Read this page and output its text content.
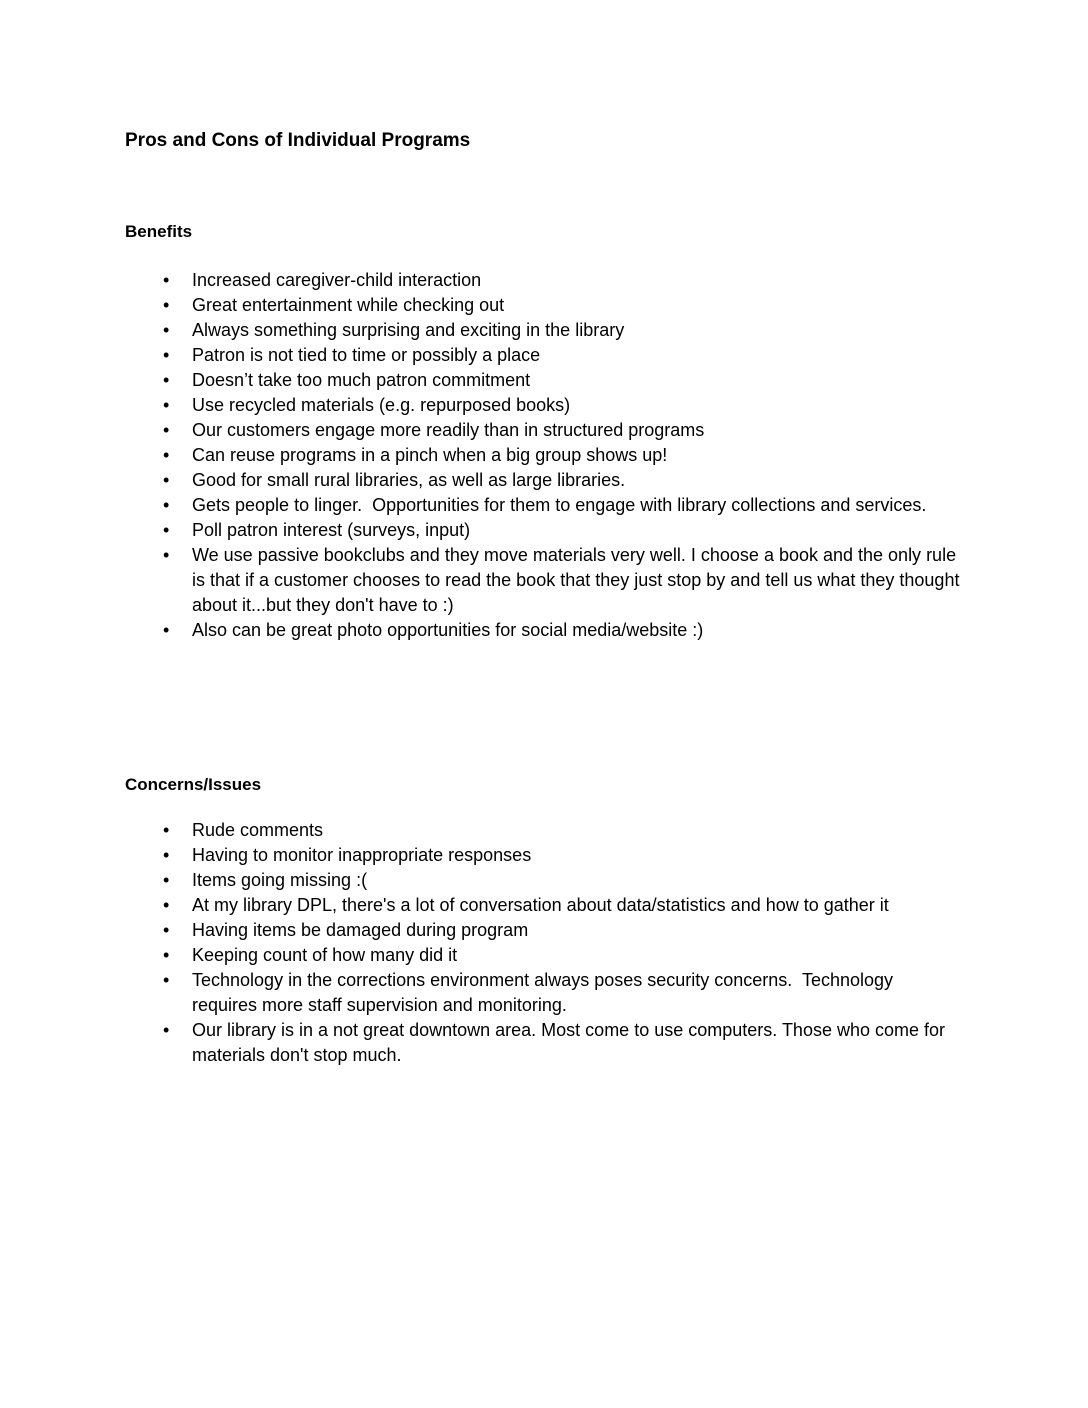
Pros and Cons of Individual Programs
Benefits
• Increased caregiver-child interaction
• Great entertainment while checking out
• Always something surprising and exciting in the library
• Patron is not tied to time or possibly a place
• Doesn’t take too much patron commitment
• Use recycled materials (e.g. repurposed books)
• Our customers engage more readily than in structured programs
• Can reuse programs in a pinch when a big group shows up!
• Good for small rural libraries, as well as large libraries.
• Gets people to linger.  Opportunities for them to engage with library collections and services.
• Poll patron interest (surveys, input)
• We use passive bookclubs and they move materials very well. I choose a book and the only rule is that if a customer chooses to read the book that they just stop by and tell us what they thought about it...but they don't have to :)
• Also can be great photo opportunities for social media/website :)
Concerns/Issues
• Rude comments
• Having to monitor inappropriate responses
• Items going missing :(
• At my library DPL, there's a lot of conversation about data/statistics and how to gather it
• Having items be damaged during program
• Keeping count of how many did it
• Technology in the corrections environment always poses security concerns.  Technology requires more staff supervision and monitoring.
• Our library is in a not great downtown area. Most come to use computers. Those who come for materials don't stop much.
